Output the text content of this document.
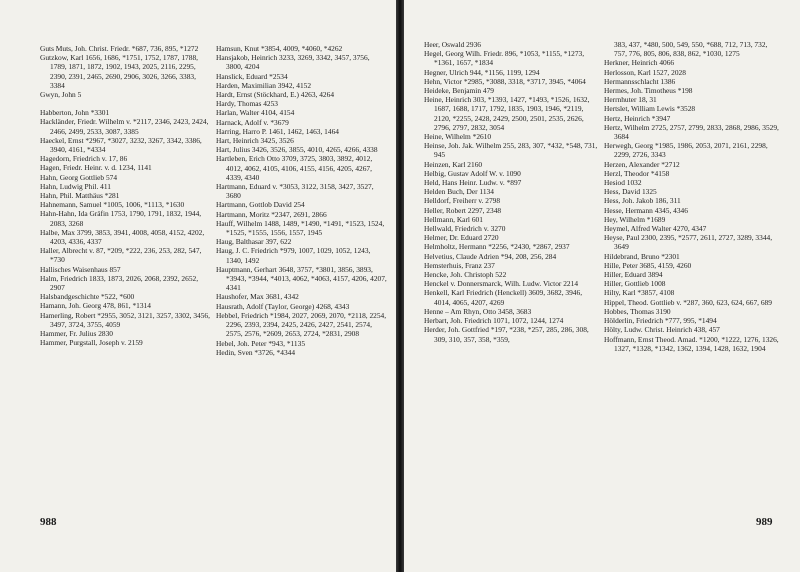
Guts Muts, Joh. Christ. Friedr. *687, 736, 895, *1272

Gutzkow, Karl 1656, 1686, *1751, 1752, 1787, 1788, 1789, 1871, 1872, 1902, 1943, 2025, 2116, 2295, 2390, 2391, 2465, 2690, 2906, 3026, 3266, 3383, 3384

Gwyn, John 5

Habberton, John *3301

Hackländer, Friedr. Wilhelm v. *2117, 2346, 2423, 2424, 2466, 2499, 2533, 3087, 3385

Haeckel, Ernst *2967, *3027, 3232, 3267, 3342, 3386, 3940, 4161, *4334

Hagedorn, Friedrich v. 17, 86

Hagen, Friedr. Heinr. v. d. 1234, 1141

Hahn, Georg Gottlieb 574

Hahn, Ludwig Phil. 411

Hahn, Phil. Matthäus *281

Hahnemann, Samuel *1005, 1006, *1113, *1630

Hahn-Hahn, Ida Gräfin 1753, 1790, 1791, 1832, 1944, 2083, 3268

Halbe, Max 3799, 3853, 3941, 4008, 4058, 4152, 4202, 4203, 4336, 4337

Haller, Albrecht v. 87, *209, *222, 236, 253, 282, 547, *730

Hallisches Waisenhaus 857

Halm, Friedrich 1833, 1873, 2026, 2068, 2392, 2652, 2907

Halsbandgeschichte *522, *600

Hamann, Joh. Georg 478, 861, *1314

Hamerling, Robert *2955, 3052, 3121, 3257, 3302, 3456, 3497, 3724, 3755, 4059

Hammer, Fr. Julius 2830

Hammer, Purgstall, Joseph v. 2159

Hamsun, Knut *3854, 4009, *4060, *4262

Hansjakob, Heinrich 3233, 3269, 3342, 3457, 3756, 3800, 4204

Hanslick, Eduard *2534

Harden, Maximilian 3942, 4152

Hardt, Ernst (Stöckhard, E.) 4263, 4264

Hardy, Thomas 4253

Harlan, Walter 4104, 4154

Harnack, Adolf v. *3679

Harring, Harro P. 1461, 1462, 1463, 1464

Hart, Heinrich 3425, 3526

Hart, Julius 3426, 3526, 3855, 4010, 4265, 4266, 4338

Hartleben, Erich Otto 3709, 3725, 3803, 3892, 4012, 4012, 4062, 4105, 4106, 4155, 4156, 4205, 4267, 4339, 4340

Hartmann, Eduard v. *3053, 3122, 3158, 3427, 3527, 3680

Hartmann, Gottlob David 254

Hartmann, Moritz *2347, 2691, 2866

Hauff, Wilhelm 1488, 1489, *1490, *1491, *1523, 1524, *1525, *1555, 1556, 1557, 1945

Haug, Balthasar 397, 622

Haug, J. C. Friedrich *979, 1007, 1029, 1052, 1243, 1340, 1492

Hauptmann, Gerhart 3648, 3757, *3801, 3856, 3893, *3943, *3944, *4013, 4062, *4063, 4157, 4206, 4207, 4341

Haushofer, Max 3681, 4342

Hausrath, Adolf (Taylor, George) 4268, 4343

Hebbel, Friedrich *1984, 2027, 2069, 2070, *2118, 2254, 2296, 2393, 2394, 2425, 2426, 2427, 2541, 2574, 2575, 2576, *2609, 2653, 2724, *2831, 2908

Hebel, Joh. Peter *943, *1135

Hedin, Sven *3726, *4344

988

Heer, Oswald 2936

Hegel, Georg Wilh. Friedr. 896, *1053, *1155, *1273, *1361, 1657, *1834

Hegner, Ulrich 944, *1156, 1199, 1294

Hehn, Victor *2985, *3088, 3318, *3717, 3945, *4064

Heideke, Benjamin 479

Heine, Heinrich 303, *1393, 1427, *1493, *1526, 1632, 1687, 1688, 1717, 1792, 1835, 1903, 1946, *2119, 2120, *2255, 2428, 2429, 2500, 2501, 2535, 2626, 2796, 2797, 2832, 3054

Heine, Wilhelm *2610

Heinse, Joh. Jak. Wilhelm 255, 283, 307, *432, *548, 731, 945

Heinzen, Karl 2160

Helbig, Gustav Adolf W. v. 1090

Held, Hans Heinr. Ludw. v. *897

Helden Buch, Der 1134

Helldorf, Freiherr v. 2798

Heller, Robert 2297, 2348

Hellmann, Karl 601

Hellwald, Friedrich v. 3270

Helmer, Dr. Eduard 2720

Helmholtz, Hermann *2256, *2430, *2867, 2937

Helvetius, Claude Adrien *94, 208, 256, 284

Hemsterhuis, Franz 237

Hencke, Joh. Christoph 522

Henckel v. Donnersmarck, Wilh. Ludw. Victor 2214

Henkell, Karl Friedrich (Henckell) 3609, 3682, 3946, 4014, 4065, 4207, 4269

Henne – Am Rhyn, Otto 3458, 3683

Herbart, Joh. Friedrich 1071, 1072, 1244, 1274

Herder, Joh. Gottfried *197, *238, *257, 285, 286, 308, 309, 310, 357, 358, *359,

383, 437, *480, 500, 549, 550, *688, 712, 713, 732, 757, 776, 805, 806, 838, 862, *1030, 1275

Herkner, Heinrich 4066

Herlosson, Karl 1527, 2028

Hermannsschlacht 1386

Hermes, Joh. Timotheus *198

Herrnhuter 18, 31

Hertslet, William Lewis *3528

Hertz, Heinrich *3947

Hertz, Wilhelm 2725, 2757, 2799, 2833, 2868, 2986, 3529, 3684

Herwegh, Georg *1985, 1986, 2053, 2071, 2161, 2298, 2299, 2726, 3343

Herzen, Alexander *2712

Herzl, Theodor *4158

Hesiod 1032

Hess, David 1325

Hess, Joh. Jakob 186, 311

Hesse, Hermann 4345, 4346

Hey, Wilhelm *1689

Heymel, Alfred Walter 4270, 4347

Heyse, Paul 2300, 2395, *2577, 2611, 2727, 3289, 3344, 3649

Hildebrand, Bruno *2301

Hille, Peter 3685, 4159, 4260

Hiller, Eduard 3894

Hiller, Gottlieb 1008

Hilty, Karl *3857, 4108

Hippel, Theod. Gottlieb v. *287, 360, 623, 624, 667, 689

Hobbes, Thomas 3190

Hölderlin, Friedrich *777, 995, *1494

Hölty, Ludw. Christ. Heinrich 438, 457

Hoffmann, Ernst Theod. Amad. *1200, *1222, 1276, 1326, 1327, *1328, *1342, 1362, 1394, 1428, 1632, 1904

989
